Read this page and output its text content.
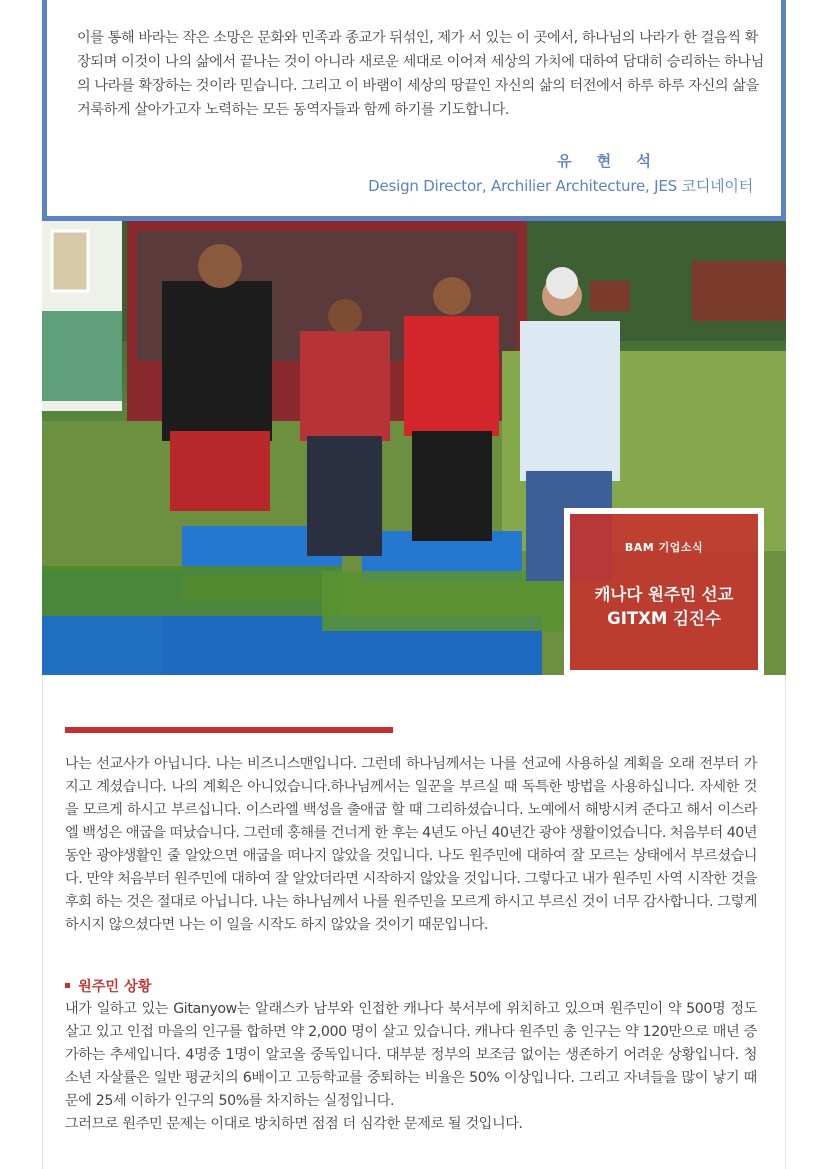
이를 통해 바라는 작은 소망은 문화와 민족과 종교가 뒤섞인, 제가 서 있는 이 곳에서, 하나님의 나라가 한 걸음씩 확장되며 이것이 나의 삶에서 끝나는 것이 아니라 새로운 세대로 이어져 세상의 가치에 대하여 담대히 승리하는 하나님의 나라를 확장하는 것이라 믿습니다. 그리고 이 바램이 세상의 땅끝인 자신의 삶의 터전에서 하루 하루 자신의 삶을 거룩하게 살아가고자 노력하는 모든 동역자들과 함께 하기를 기도합니다.

유 현 석
Design Director, Archilier Architecture, JES 코디네이터
BAM 기업소식
캐나다 원주민 선교
GITXM 김진수

나는 선교사가 아닙니다. 나는 비즈니스맨입니다. 그런데 하나님께서는 나를 선교에 사용하실 계획을 오래 전부터 가지고 계셨습니다. 나의 계획은 아니었습니다.하나님께서는 일꾼을 부르실 때 독특한 방법을 사용하십니다. 자세한 것을 모르게 하시고 부르십니다. 이스라엘 백성을 출애굽 할 때 그리하셨습니다. 노예에서 해방시켜 준다고 해서 이스라엘 백성은 애굽을 떠났습니다. 그런데 홍해를 건너게 한 후는 4년도 아닌 40년간 광야 생활이었습니다. 처음부터 40년 동안 광야생활인 줄 알았으면 애굽을 떠나지 않았을 것입니다. 나도 원주민에 대하여 잘 모르는 상태에서 부르셨습니다. 만약 처음부터 원주민에 대하여 잘 알았더라면 시작하지 않았을 것입니다. 그렇다고 내가 원주민 사역 시작한 것을 후회 하는 것은 절대로 아닙니다. 나는 하나님께서 나를 원주민을 모르게 하시고 부르신 것이 너무 감사합니다. 그렇게 하시지 않으셨다면 나는 이 일을 시작도 하지 않았을 것이기 때문입니다.

원주민 상황

내가 일하고 있는 Gitanyow는 알래스카 남부와 인접한 캐나다 북서부에 위치하고 있으며 원주민이 약 500명 정도 살고 있고 인접 마을의 인구를 합하면 약 2,000 명이 살고 있습니다. 캐나다 원주민 총 인구는 약 120만으로 매년 증가하는 추세입니다. 4명중 1명이 알코올 중독입니다. 대부분 정부의 보조금 없이는 생존하기 어려운 상황입니다. 청소년 자살률은 일반 평균치의 6배이고 고등학교를 중퇴하는 비율은 50% 이상입니다. 그리고 자녀들을 많이 낳기 때문에 25세 이하가 인구의 50%를 차지하는 실정입니다.

그러므로 원주민 문제는 이대로 방치하면 점점 더 심각한 문제로 될 것입니다.
